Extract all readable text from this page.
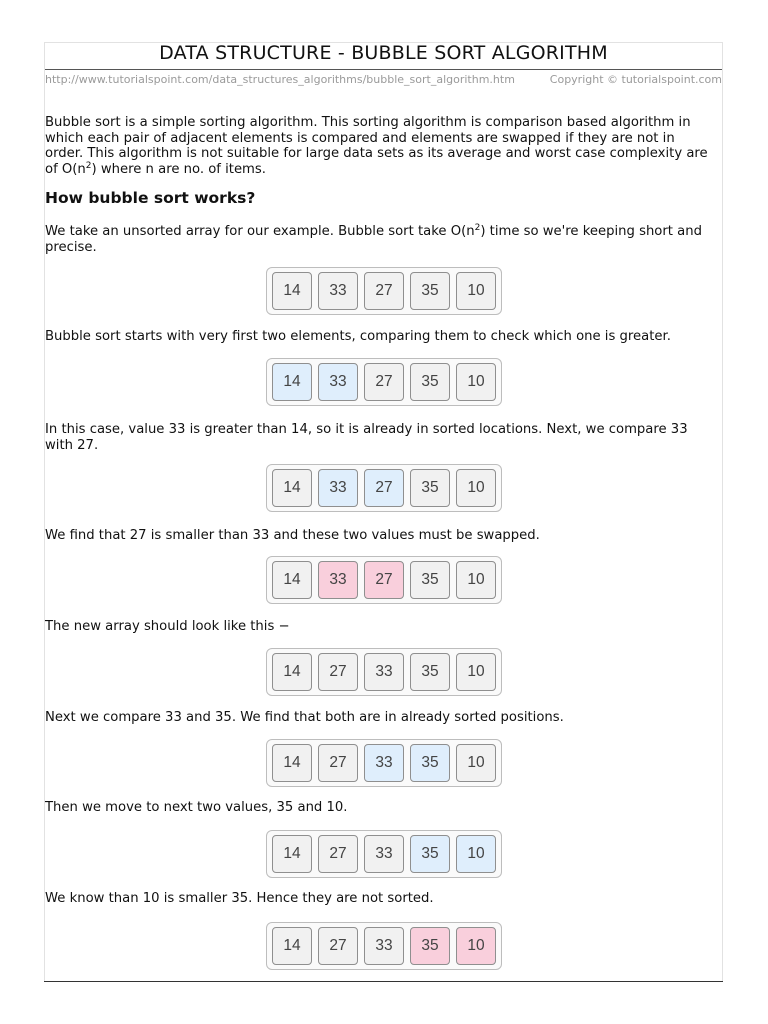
DATA STRUCTURE - BUBBLE SORT ALGORITHM
http://www.tutorialspoint.com/data_structures_algorithms/bubble_sort_algorithm.htm	Copyright © tutorialspoint.com

Bubble sort is a simple sorting algorithm. This sorting algorithm is comparison based algorithm in which each pair of adjacent elements is compared and elements are swapped if they are not in order. This algorithm is not suitable for large data sets as its average and worst case complexity are of $O(n^2)$ where n are no. of items.

How bubble sort works?

We take an unsorted array for our example. Bubble sort take $O(n^2)$ time so we're keeping short and precise.

14	33	27	35	10

Bubble sort starts with very first two elements, comparing them to check which one is greater.

14	33	27	35	10

In this case, value 33 is greater than 14, so it is already in sorted locations. Next, we compare 33 with 27.

14	33	27	35	10

We find that 27 is smaller than 33 and these two values must be swapped.

14	33	27	35	10

The new array should look like this −

14	27	33	35	10

Next we compare 33 and 35. We find that both are in already sorted positions.

14	27	33	35	10

Then we move to next two values, 35 and 10.

14	27	33	35	10

We know than 10 is smaller 35. Hence they are not sorted.

14	27	33	35	10
